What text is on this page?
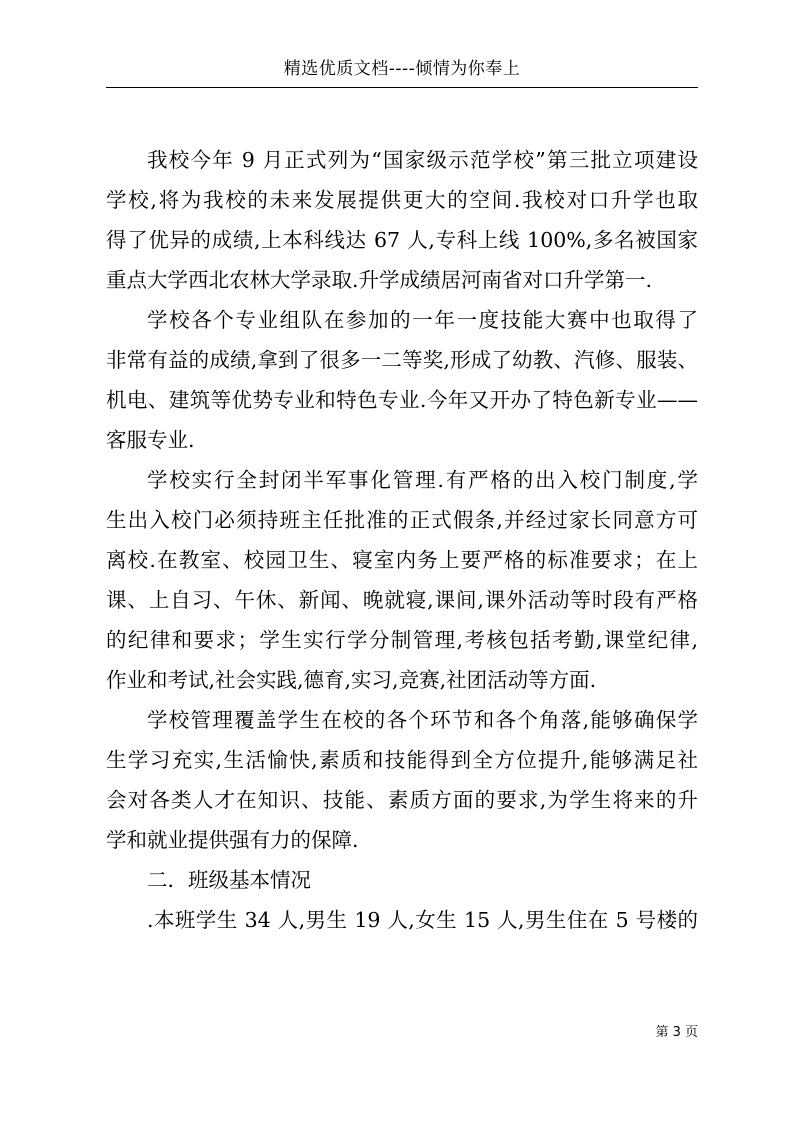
精选优质文档----倾情为你奉上
我校今年 9 月正式列为“国家级示范学校”第三批立项建设
学校,将为我校的未来发展提供更大的空间.我校对口升学也取
得了优异的成绩,上本科线达 67 人,专科上线 100%,多名被国家
重点大学西北农林大学录取.升学成绩居河南省对口升学第一.
学校各个专业组队在参加的一年一度技能大赛中也取得了
非常有益的成绩,拿到了很多一二等奖,形成了幼教、汽修、服装、
机电、建筑等优势专业和特色专业.今年又开办了特色新专业——
客服专业.
学校实行全封闭半军事化管理.有严格的出入校门制度,学
生出入校门必须持班主任批准的正式假条,并经过家长同意方可
离校.在教室、校园卫生、寝室内务上要严格的标准要求；在上
课、上自习、午休、新闻、晚就寝,课间,课外活动等时段有严格
的纪律和要求；学生实行学分制管理,考核包括考勤,课堂纪律,
作业和考试,社会实践,德育,实习,竞赛,社团活动等方面.
学校管理覆盖学生在校的各个环节和各个角落,能够确保学
生学习充实,生活愉快,素质和技能得到全方位提升,能够满足社
会对各类人才在知识、技能、素质方面的要求,为学生将来的升
学和就业提供强有力的保障.
二．班级基本情况
.本班学生 34 人,男生 19 人,女生 15 人,男生住在 5 号楼的
第 3 页
